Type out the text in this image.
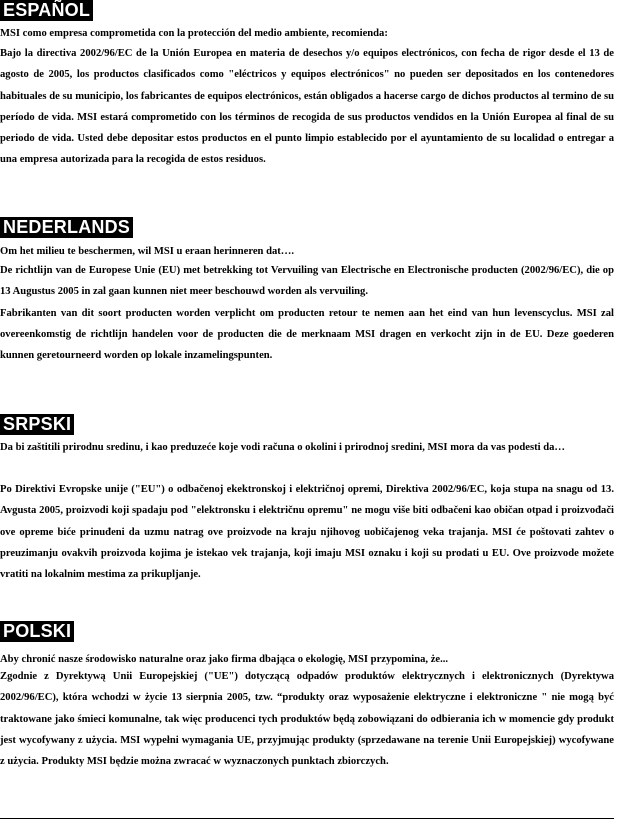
ESPAÑOL
MSI como empresa comprometida con la protección del medio ambiente, recomienda:

Bajo la directiva 2002/96/EC de la Unión Europea en materia de desechos y/o equipos electrónicos, con fecha de rigor desde el 13 de agosto de 2005, los productos clasificados como "eléctricos y equipos electrónicos" no pueden ser depositados en los contenedores habituales de su municipio, los fabricantes de equipos electrónicos, están obligados a hacerse cargo de dichos productos al termino de su período de vida. MSI estará comprometido con los términos de recogida de sus productos vendidos en la Unión Europea al final de su periodo de vida. Usted debe depositar estos productos en el punto limpio establecido por el ayuntamiento de su localidad o entregar a una empresa autorizada para la recogida de estos residuos.

NEDERLANDS
Om het milieu te beschermen, wil MSI u eraan herinneren dat….

De richtlijn van de Europese Unie (EU) met betrekking tot Vervuiling van Electrische en Electronische producten (2002/96/EC), die op 13 Augustus 2005 in zal gaan kunnen niet meer beschouwd worden als vervuiling.

Fabrikanten van dit soort producten worden verplicht om producten retour te nemen aan het eind van hun levenscyclus. MSI zal overeenkomstig de richtlijn handelen voor de producten die de merknaam MSI dragen en verkocht zijn in de EU. Deze goederen kunnen geretourneerd worden op lokale inzamelingspunten.

SRPSKI

Da bi zaštitili prirodnu sredinu, i kao preduzeće koje vodi računa o okolini i prirodnoj sredini, MSI mora da vas podesti da…

Po Direktivi Evropske unije ("EU") o odbačenoj ekektronskoj i električnoj opremi, Direktiva 2002/96/EC, koja stupa na snagu od 13. Avgusta 2005, proizvodi koji spadaju pod "elektronsku i električnu opremu" ne mogu više biti odbačeni kao običan otpad i proizvođači ove opreme biće prinuđeni da uzmu natrag ove proizvode na kraju njihovog uobičajenog veka trajanja. MSI će poštovati zahtev o preuzimanju ovakvih proizvoda kojima je istekao vek trajanja, koji imaju MSI oznaku i koji su prodati u EU. Ove proizvode možete vratiti na lokalnim mestima za prikupljanje.

POLSKI
Aby chronić nasze środowisko naturalne oraz jako firma dbająca o ekologię, MSI przypomina, że...

Zgodnie z Dyrektywą Unii Europejskiej ("UE") dotyczącą odpadów produktów elektrycznych i elektronicznych (Dyrektywa 2002/96/EC), która wchodzi w życie 13 sierpnia 2005, tzw. “produkty oraz wyposażenie elektryczne i elektroniczne " nie mogą być traktowane jako śmieci komunalne, tak więc producenci tych produktów będą zobowiązani do odbierania ich w momencie gdy produkt jest wycofywany z użycia. MSI wypełni wymagania UE, przyjmując produkty (sprzedawane na terenie Unii Europejskiej) wycofywane z użycia. Produkty MSI będzie można zwracać w wyznaczonych punktach zbiorczych.
